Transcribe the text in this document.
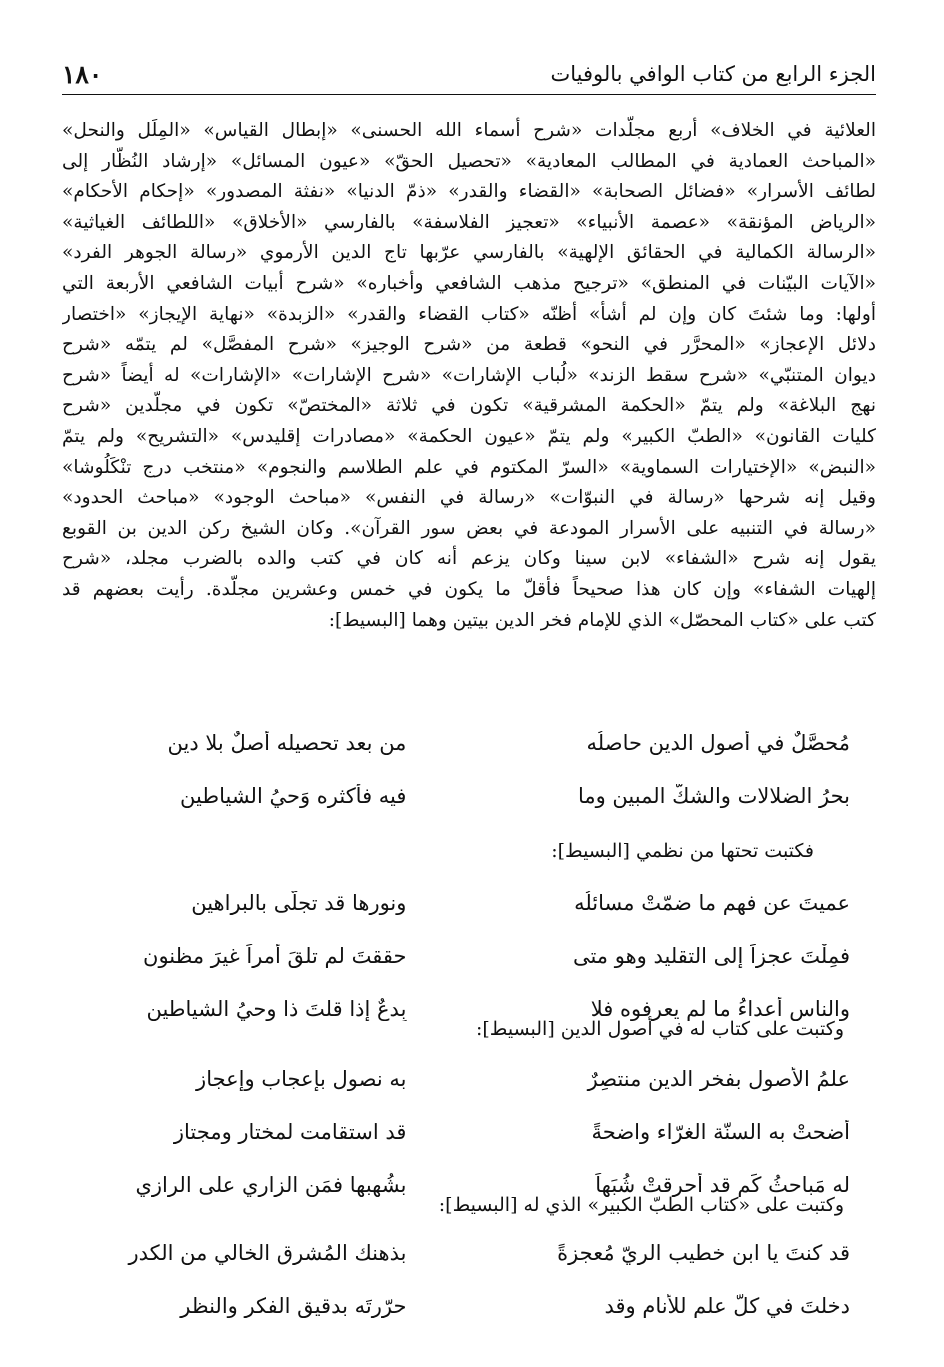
الجزء الرابع من كتاب الوافي بالوفيات
١٨٠
العلائية في الخلاف» أربع مجلّدات «شرح أسماء الله الحسنى» «إبطال القياس» «المِلَل والنحل»
«المباحث العمادية في المطالب المعادية» «تحصيل الحقّ» «عيون المسائل» «إرشاد النُظّار إلى
لطائف الأسرار» «فضائل الصحابة» «القضاء والقدر» «ذمّ الدنيا» «نفثة المصدور» «إحكام الأحكام»
«الرياض المؤنقة» «عصمة الأنبياء» «تعجيز الفلاسفة» بالفارسي «الأخلاق» «اللطائف الغياثية»
«الرسالة الكمالية في الحقائق الإلهية» بالفارسي عرّبها تاج الدين الأرموي «رسالة الجوهر الفرد»
«الآيات البيّنات في المنطق» «ترجيح مذهب الشافعي وأخباره» «شرح أبيات الشافعي الأربعة التي
أولها: وما شئتَ كان وإن لم أشأ» أظنّه «كتاب القضاء والقدر» «الزبدة» «نهاية الإيجاز» «اختصار
دلائل الإعجاز» «المحرَّر في النحو» قطعة من «شرح الوجيز» «شرح المفصَّل» لم يتمّه «شرح
ديوان المتنبّي» «شرح سقط الزند» «لُباب الإشارات» «شرح الإشارات» «الإشارات» له أيضاً «شرح
نهج البلاغة» ولم يتمّ «الحكمة المشرقية» تكون في ثلاثة «المختصّ» تكون في مجلّدين «شرح
كليات القانون» «الطبّ الكبير» ولم يتمّ «عيون الحكمة» «مصادرات إقليدس» «التشريح» ولم يتمّ
«النبض» «الإختيارات السماوية» «السرّ المكتوم في علم الطلاسم والنجوم» «منتخب درج تنْكَلُوشا»
وقيل إنه شرحها «رسالة في النبوّات» «رسالة في النفس» «مباحث الوجود» «مباحث الحدود»
«رسالة في التنبيه على الأسرار المودعة في بعض سور القرآن». وكان الشيخ ركن الدين بن القوبع
يقول إنه شرح «الشفاء» لابن سينا وكان يزعم أنه كان في كتب والده بالضرب مجلد، «شرح
إلهيات الشفاء» وإن كان هذا صحيحاً فأقلّ ما يكون في خمس وعشرين مجلّدة. رأيت بعضهم قد
كتب على «كتاب المحصّل» الذي للإمام فخر الدين بيتين وهما [البسيط]:
مُحصَّلٌ في أصول الدين حاصلُه
من بعد تحصيله أصلٌ بلا دينِ
بحرُ الضلالات والشكُّ المبين وما
فيه فأكثره وَحيُ الشياطينِ
فكتبت تحتها من نظمي [البسيط]:
عميتَ عن فهمِ ما ضمّتْ مسائلُه
ونورها قد تجلّى بالبراهينِ
فمِلْتَ عجزاً إلى التقليد وهو متى
حققتَ لم تلقَ أمراً غيرَ مظنونِ
والناس أعداءُ ما لم يعرفوه فلا
بِدعٌ إذا قلتَ ذا وحيُ الشياطينِ
وكتبت على كتاب له في أصول الدين [البسيط]:
علمُ الأصول بفخر الدين منتصِرٌ
به نصول بإعجاب وإعجازِ
أضحتْ به السنّة الغرّاء واضحةً
قد استقامت لمختارٍ ومجتازِ
له مَباحثُ كَم قد أحرقتْ شُبَهاً
بشُهبها فمَن الزاري على الرازي
وكتبت على «كتاب الطبّ الكبير» الذي له [البسيط]:
قد كنتَ يا ابن خطيب الريّ مُعجزةً
بذهنك المُشرق الخالي من الكدرِ
دخلتَ في كلّ علمٍ للأنام وقد
حرّرتَه بدقيق الفكر والنظرِ
